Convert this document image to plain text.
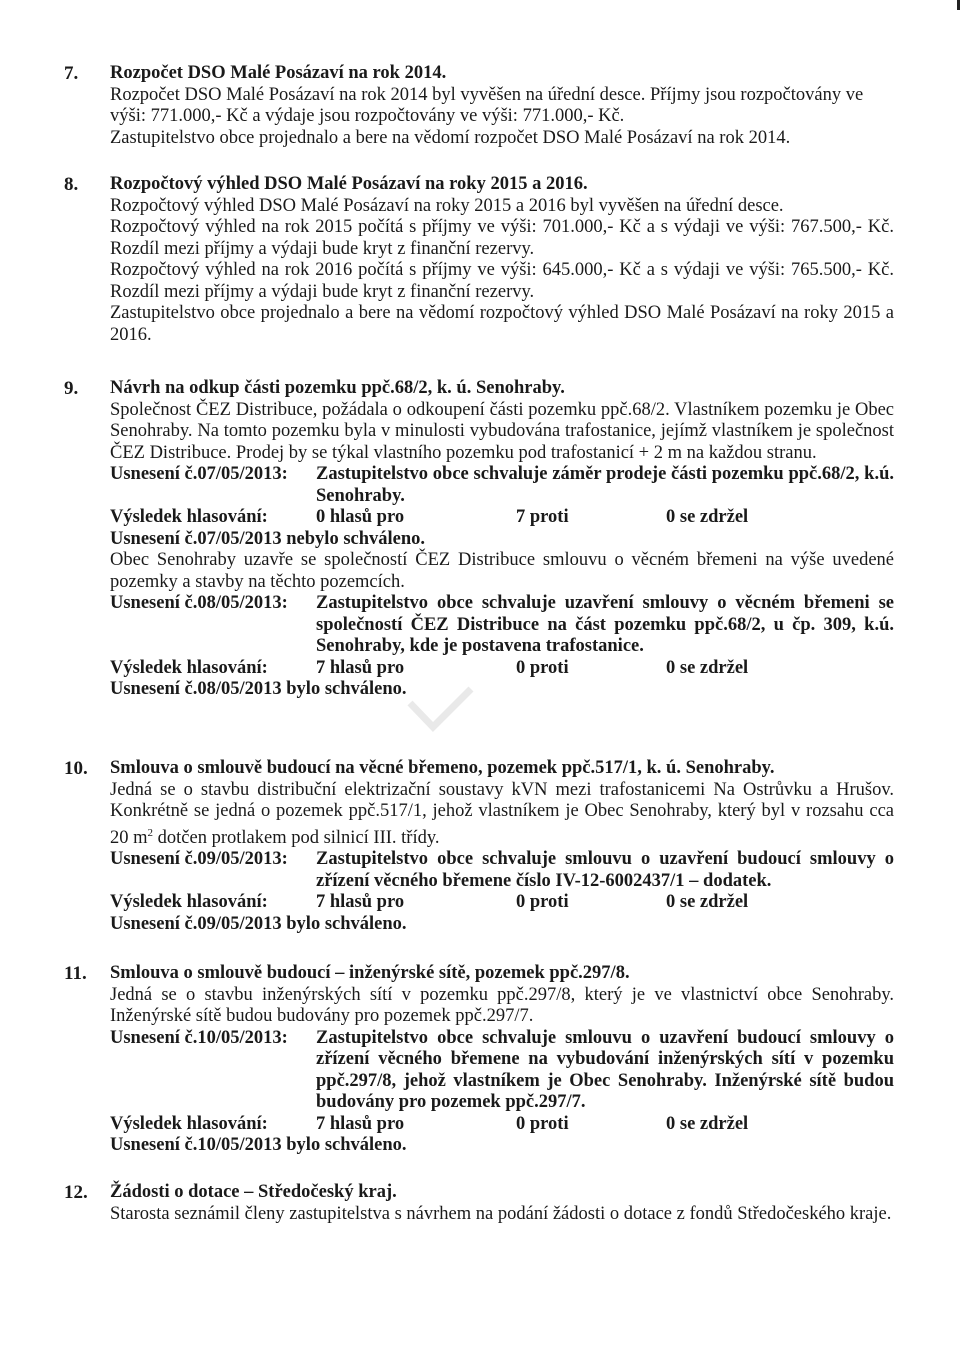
7. Rozpočet DSO Malé Posázaví na rok 2014.
Rozpočet DSO Malé Posázaví na rok 2014 byl vyvěšen na úřední desce. Příjmy jsou rozpočtovány ve výši: 771.000,- Kč a výdaje jsou rozpočtovány ve výši: 771.000,- Kč.
Zastupitelstvo obce projednalo a bere na vědomí rozpočet DSO Malé Posázaví na rok 2014.
8. Rozpočtový výhled DSO Malé Posázaví na roky 2015 a 2016.
Rozpočtový výhled DSO Malé Posázaví na roky 2015 a 2016 byl vyvěšen na úřední desce.
Rozpočtový výhled na rok 2015 počítá s příjmy ve výši: 701.000,- Kč a s výdaji ve výši: 767.500,- Kč. Rozdíl mezi příjmy a výdaji bude kryt z finanční rezervy.
Rozpočtový výhled na rok 2016 počítá s příjmy ve výši: 645.000,- Kč a s výdaji ve výši: 765.500,- Kč. Rozdíl mezi příjmy a výdaji bude kryt z finanční rezervy.
Zastupitelstvo obce projednalo a bere na vědomí rozpočtový výhled DSO Malé Posázaví na roky 2015 a 2016.
9. Návrh na odkup části pozemku ppč.68/2, k. ú. Senohraby.
Společnost ČEZ Distribuce, požádala o odkoupení části pozemku ppč.68/2. Vlastníkem pozemku je Obec Senohraby. Na tomto pozemku byla v minulosti vybudována trafostanice, jejímž vlastníkem je společnost ČEZ Distribuce. Prodej by se týkal vlastního pozemku pod trafostanicí + 2 m na každou stranu.
Usnesení č.07/05/2013:	Zastupitelstvo obce schvaluje záměr prodeje části pozemku ppč.68/2, k.ú. Senohraby.
Výsledek hlasování:	0 hlasů pro	7 proti	0 se zdržel
Usnesení č.07/05/2013 nebylo schváleno.
Obec Senohraby uzavře se společností ČEZ Distribuce smlouvu o věcném břemeni na výše uvedené pozemky a stavby na těchto pozemcích.
Usnesení č.08/05/2013:	Zastupitelstvo obce schvaluje uzavření smlouvy o věcném břemeni se společností ČEZ Distribuce na část pozemku ppč.68/2, u čp. 309, k.ú. Senohraby, kde je postavena trafostanice.
Výsledek hlasování:	7 hlasů pro	0 proti	0 se zdržel
Usnesení č.08/05/2013 bylo schváleno.
10. Smlouva o smlouvě budoucí na věcné břemeno, pozemek ppč.517/1, k. ú. Senohraby.
Jedná se o stavbu distribuční elektrizační soustavy kVN mezi trafostanicemi Na Ostrůvku a Hrušov. Konkrétně se jedná o pozemek ppč.517/1, jehož vlastníkem je Obec Senohraby, který byl v rozsahu cca 20 $m^2$ dotčen protlakem pod silnicí III. třídy.
Usnesení č.09/05/2013:	Zastupitelstvo obce schvaluje smlouvu o uzavření budoucí smlouvy o zřízení věcného břemene číslo IV-12-6002437/1 – dodatek.
Výsledek hlasování:	7 hlasů pro	0 proti	0 se zdržel
Usnesení č.09/05/2013 bylo schváleno.
11. Smlouva o smlouvě budoucí – inženýrské sítě, pozemek ppč.297/8.
Jedná se o stavbu inženýrských sítí v pozemku ppč.297/8, který je ve vlastnictví obce Senohraby. Inženýrské sítě budou budovány pro pozemek ppč.297/7.
Usnesení č.10/05/2013:	Zastupitelstvo obce schvaluje smlouvu o uzavření budoucí smlouvy o zřízení věcného břemene na vybudování inženýrských sítí v pozemku ppč.297/8, jehož vlastníkem je Obec Senohraby. Inženýrské sítě budou budovány pro pozemek ppč.297/7.
Výsledek hlasování:	7 hlasů pro	0 proti	0 se zdržel
Usnesení č.10/05/2013 bylo schváleno.
12. Žádosti o dotace – Středočeský kraj.
Starosta seznámil členy zastupitelstva s návrhem na podání žádosti o dotace z fondů Středočeského kraje.
